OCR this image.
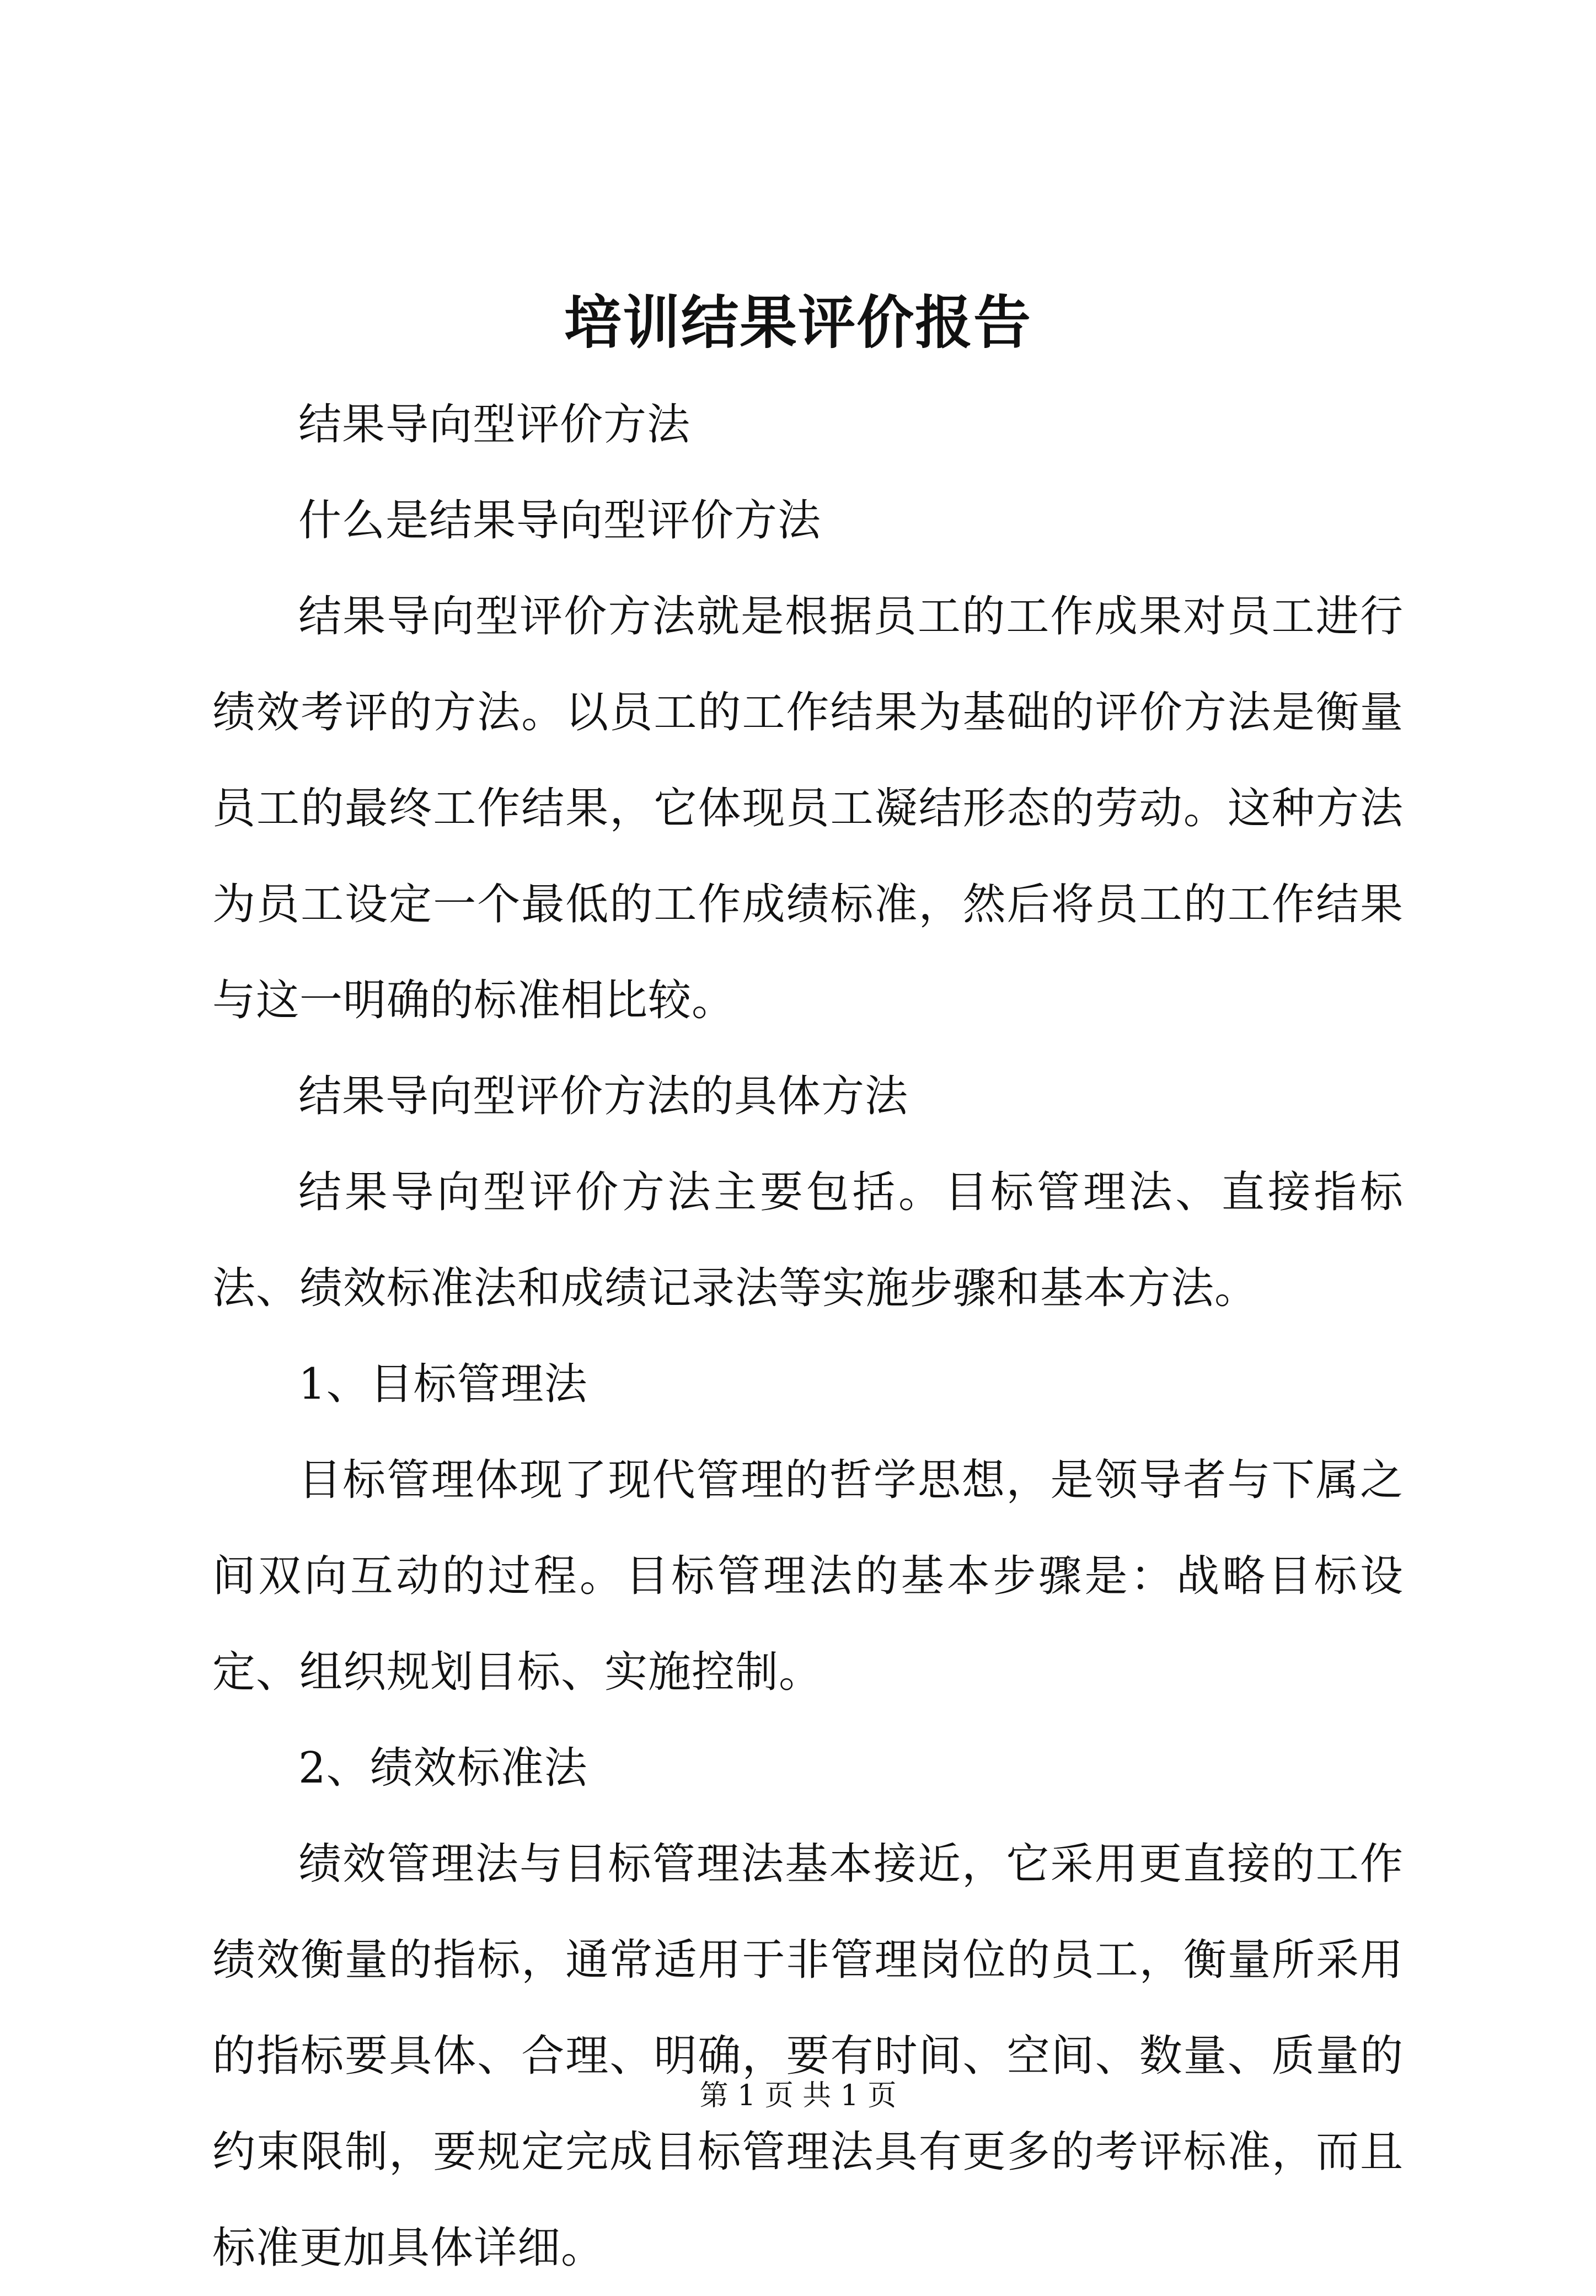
培训结果评价报告

结果导向型评价方法

什么是结果导向型评价方法

结果导向型评价方法就是根据员工的工作成果对员工进行绩效考评的方法。以员工的工作结果为基础的评价方法是衡量员工的最终工作结果，它体现员工凝结形态的劳动。这种方法为员工设定一个最低的工作成绩标准，然后将员工的工作结果与这一明确的标准相比较。

结果导向型评价方法的具体方法

结果导向型评价方法主要包括。目标管理法、直接指标法、绩效标准法和成绩记录法等实施步骤和基本方法。

1、目标管理法

目标管理体现了现代管理的哲学思想，是领导者与下属之间双向互动的过程。目标管理法的基本步骤是：战略目标设定、组织规划目标、实施控制。

2、绩效标准法

绩效管理法与目标管理法基本接近，它采用更直接的工作绩效衡量的指标，通常适用于非管理岗位的员工，衡量所采用的指标要具体、合理、明确，要有时间、空间、数量、质量的约束限制，要规定完成目标管理法具有更多的考评标准，而且标准更加具体详细。

第 1 页 共 1 页
